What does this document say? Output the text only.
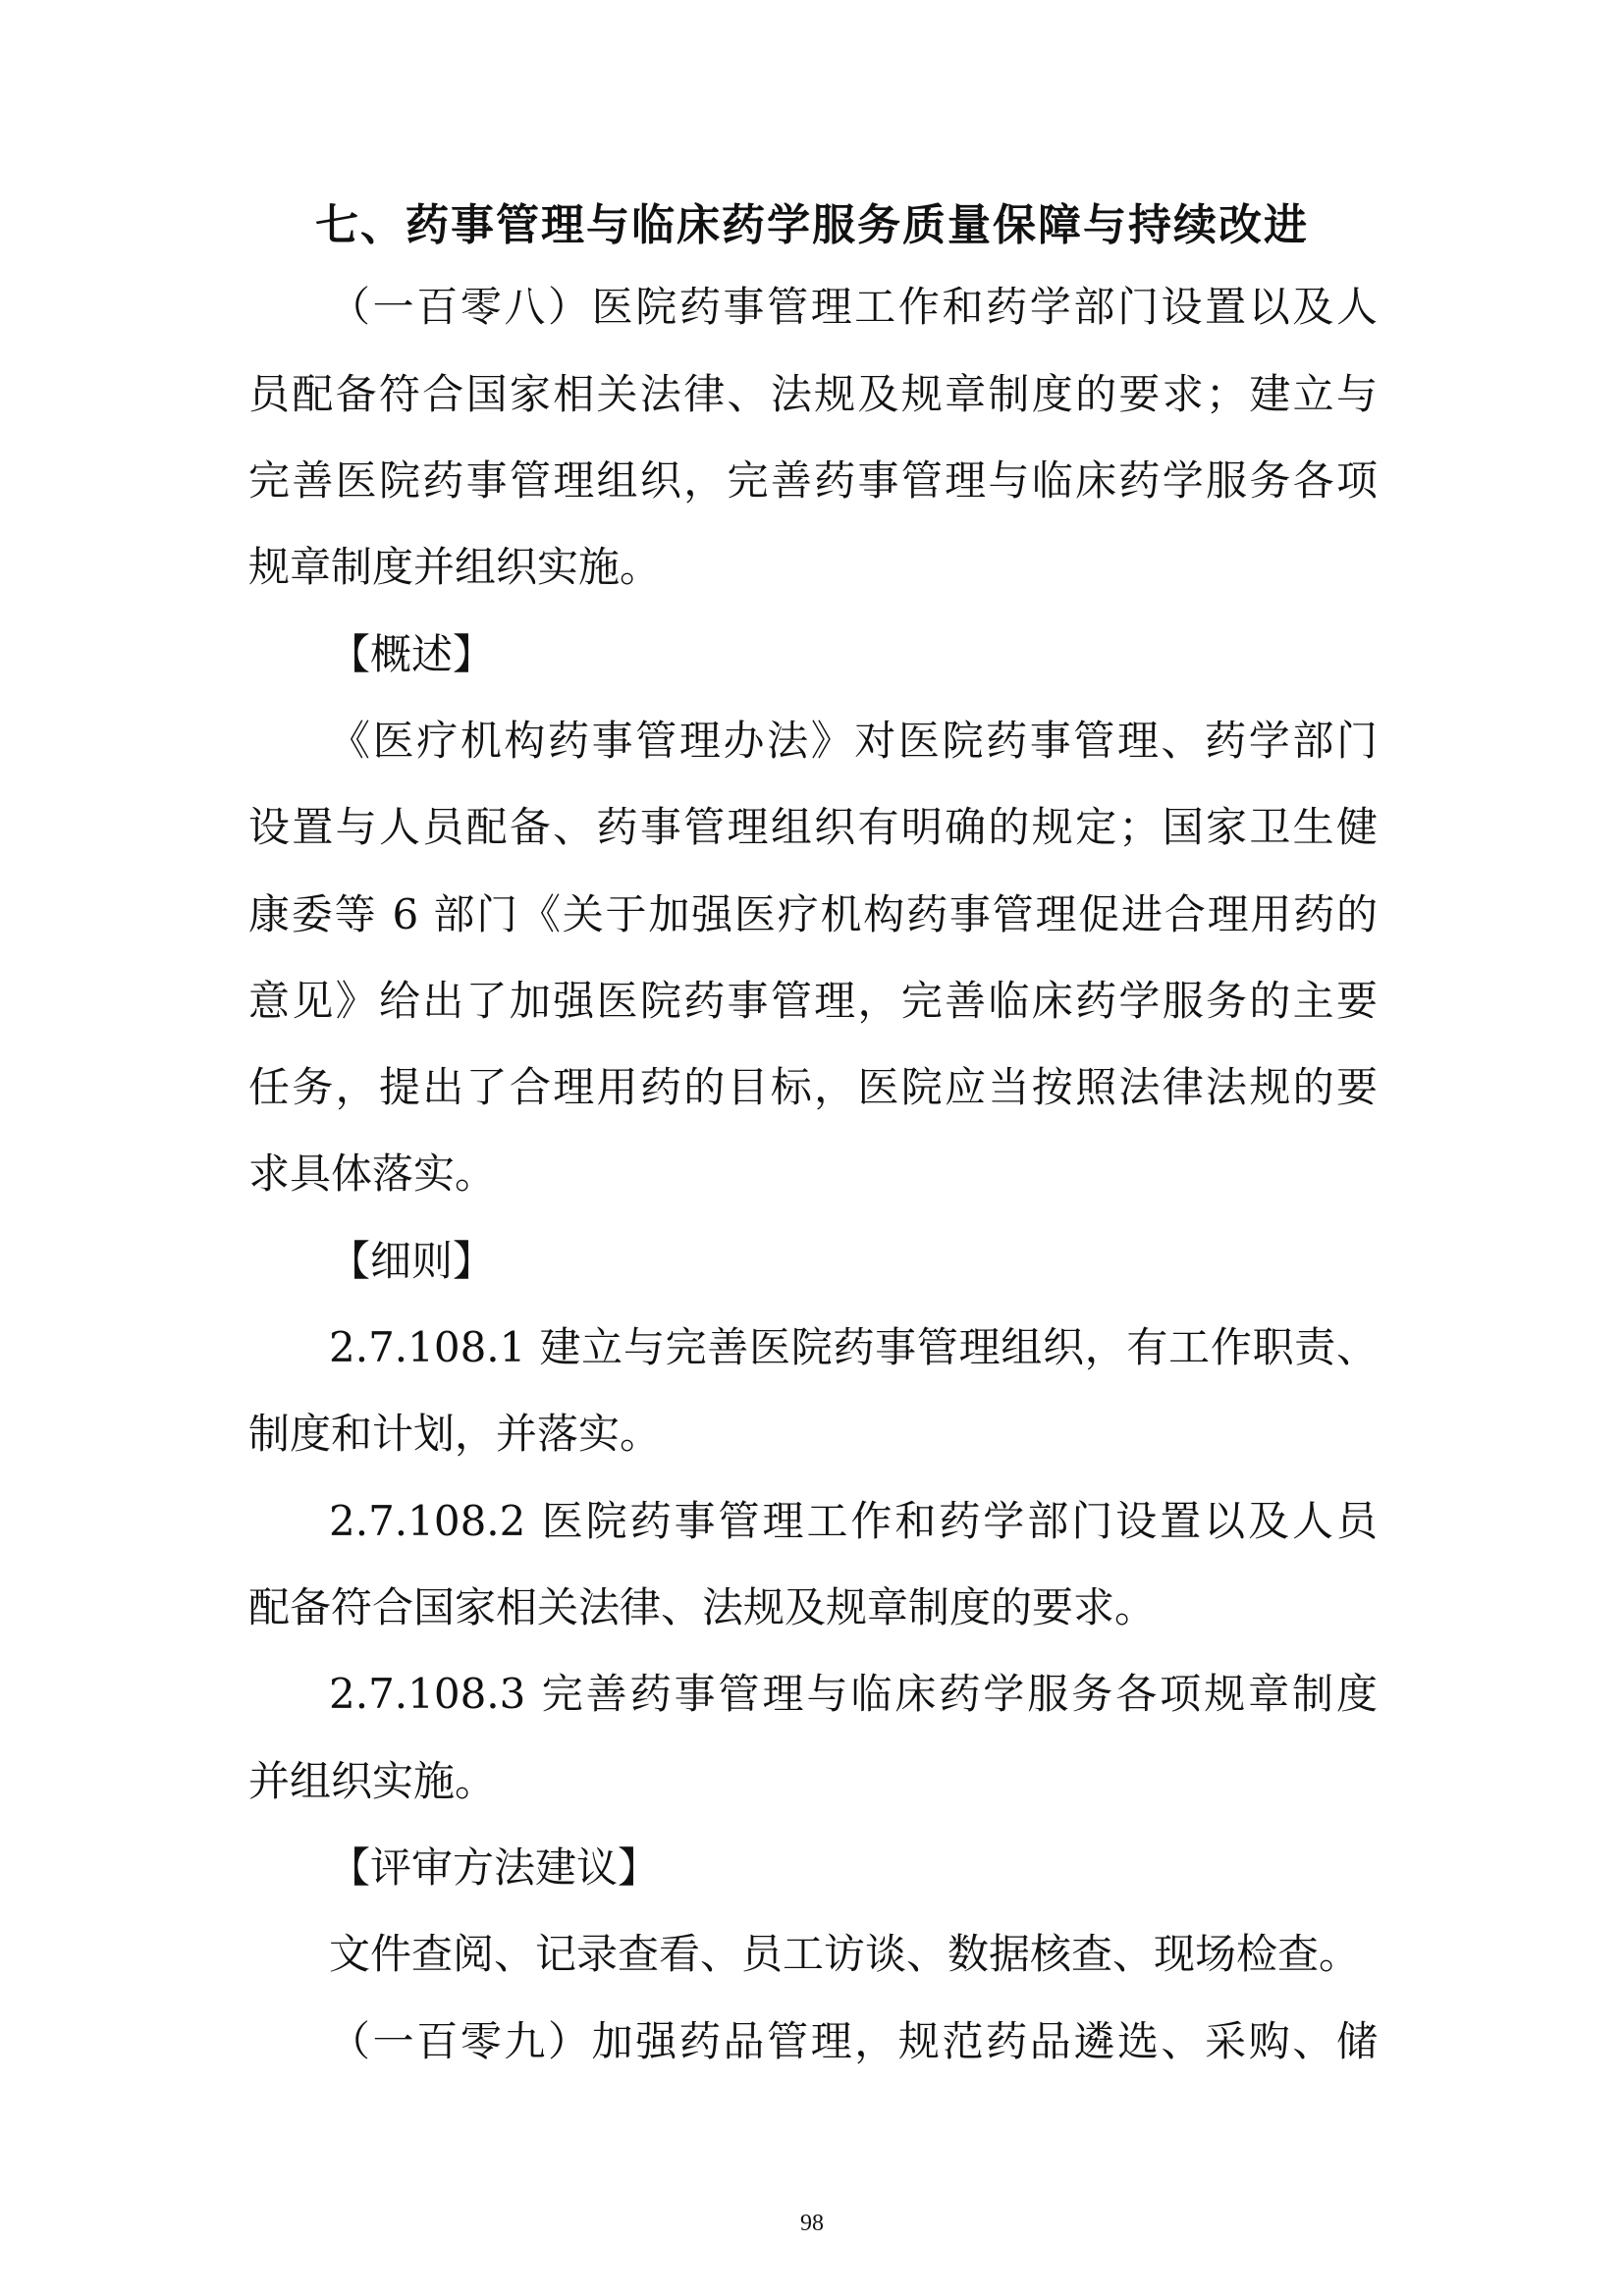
七、药事管理与临床药学服务质量保障与持续改进
（一百零八）医院药事管理工作和药学部门设置以及人
员配备符合国家相关法律、法规及规章制度的要求；建立与
完善医院药事管理组织，完善药事管理与临床药学服务各项
规章制度并组织实施。
【概述】
《医疗机构药事管理办法》对医院药事管理、药学部门
设置与人员配备、药事管理组织有明确的规定；国家卫生健
康委等 6 部门《关于加强医疗机构药事管理促进合理用药的
意见》给出了加强医院药事管理，完善临床药学服务的主要
任务，提出了合理用药的目标，医院应当按照法律法规的要
求具体落实。
【细则】
2.7.108.1 建立与完善医院药事管理组织，有工作职责、
制度和计划，并落实。
2.7.108.2 医院药事管理工作和药学部门设置以及人员
配备符合国家相关法律、法规及规章制度的要求。
2.7.108.3 完善药事管理与临床药学服务各项规章制度
并组织实施。
【评审方法建议】
文件查阅、记录查看、员工访谈、数据核查、现场检查。
（一百零九）加强药品管理，规范药品遴选、采购、储
98
